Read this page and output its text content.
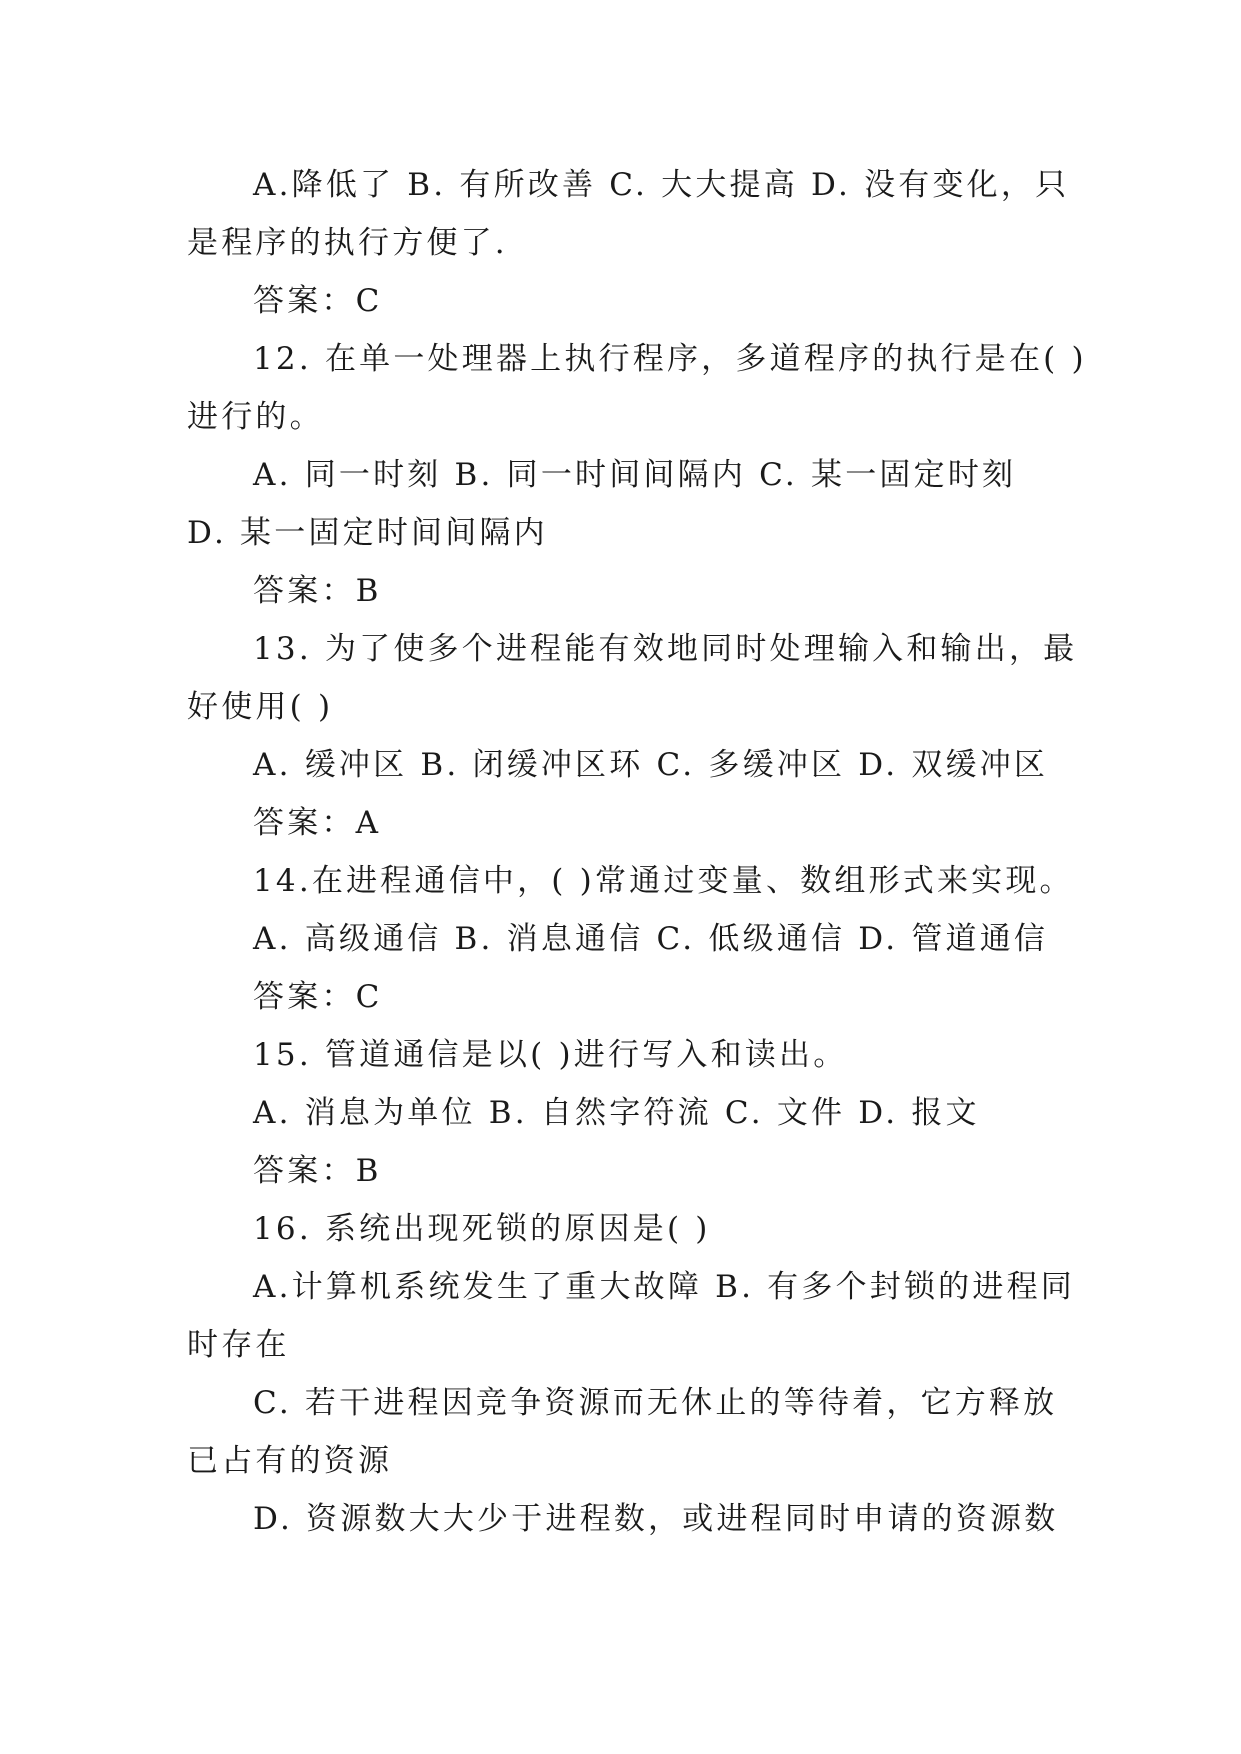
A.降低了 B. 有所改善 C. 大大提高 D. 没有变化，只
是程序的执行方便了.
答案：C
12. 在单一处理器上执行程序，多道程序的执行是在( )
进行的。
A. 同一时刻 B. 同一时间间隔内 C. 某一固定时刻
D. 某一固定时间间隔内
答案：B
13. 为了使多个进程能有效地同时处理输入和输出，最
好使用( )
A. 缓冲区 B. 闭缓冲区环 C. 多缓冲区 D. 双缓冲区
答案：A
14.在进程通信中，( )常通过变量、数组形式来实现。
A. 高级通信 B. 消息通信 C. 低级通信 D. 管道通信
答案：C
15. 管道通信是以( )进行写入和读出。
A. 消息为单位 B. 自然字符流 C. 文件 D. 报文
答案：B
16. 系统出现死锁的原因是( )
A.计算机系统发生了重大故障 B. 有多个封锁的进程同
时存在
C. 若干进程因竞争资源而无休止的等待着，它方释放
已占有的资源
D. 资源数大大少于进程数，或进程同时申请的资源数
